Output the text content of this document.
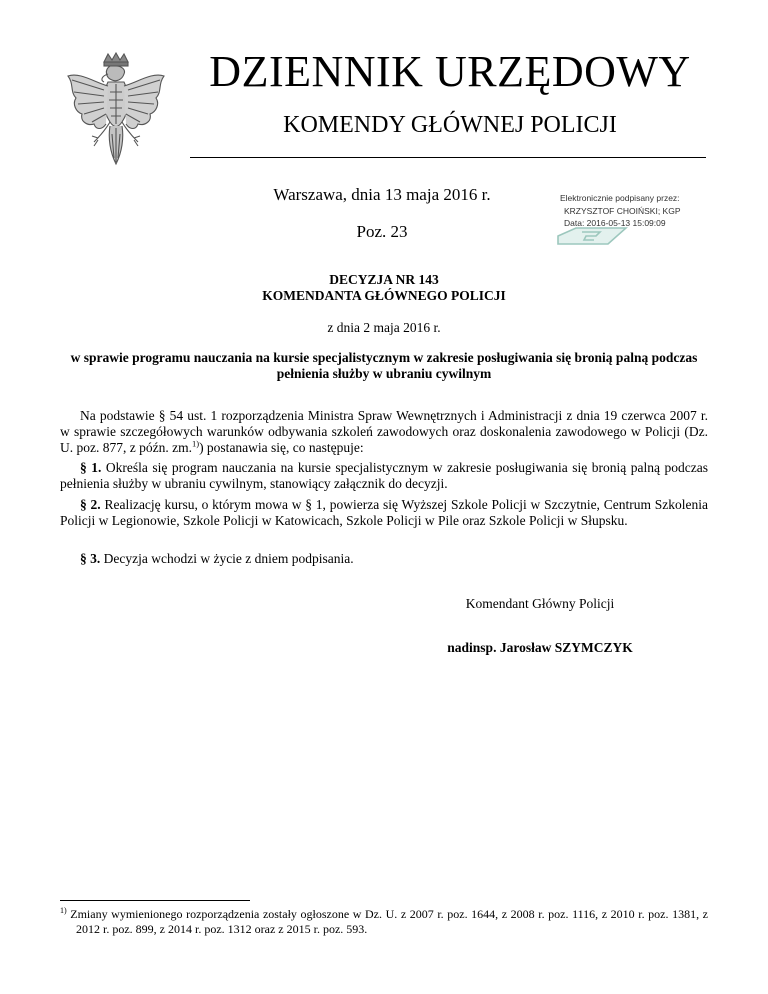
DZIENNIK URZĘDOWY
KOMENDY GŁÓWNEJ POLICJI
Warszawa, dnia 13 maja 2016 r.
Poz. 23
Elektronicznie podpisany przez:
KRZYSZTOF CHOIŃSKI; KGP
Data: 2016-05-13 15:09:09
DECYZJA NR 143
KOMENDANTA GŁÓWNEGO POLICJI
z dnia 2 maja 2016 r.
w sprawie programu nauczania na kursie specjalistycznym w zakresie posługiwania się bronią palną podczas pełnienia służby w ubraniu cywilnym
Na podstawie § 54 ust. 1 rozporządzenia Ministra Spraw Wewnętrznych i Administracji z dnia 19 czerwca 2007 r. w sprawie szczegółowych warunków odbywania szkoleń zawodowych oraz doskonalenia zawodowego w Policji (Dz. U. poz. 877, z późn. zm.$^{1)}$) postanawia się, co następuje:
§ 1. Określa się program nauczania na kursie specjalistycznym w zakresie posługiwania się bronią palną podczas pełnienia służby w ubraniu cywilnym, stanowiący załącznik do decyzji.
§ 2. Realizację kursu, o którym mowa w § 1, powierza się Wyższej Szkole Policji w Szczytnie, Centrum Szkolenia Policji w Legionowie, Szkole Policji w Katowicach, Szkole Policji w Pile oraz Szkole Policji w Słupsku.
§ 3. Decyzja wchodzi w życie z dniem podpisania.
Komendant Główny Policji
nadinsp. Jarosław SZYMCZYK
$^{1)}$ Zmiany wymienionego rozporządzenia zostały ogłoszone w Dz. U. z 2007 r. poz. 1644, z 2008 r. poz. 1116, z 2010 r. poz. 1381, z 2012 r. poz. 899, z 2014 r. poz. 1312 oraz z 2015 r. poz. 593.
